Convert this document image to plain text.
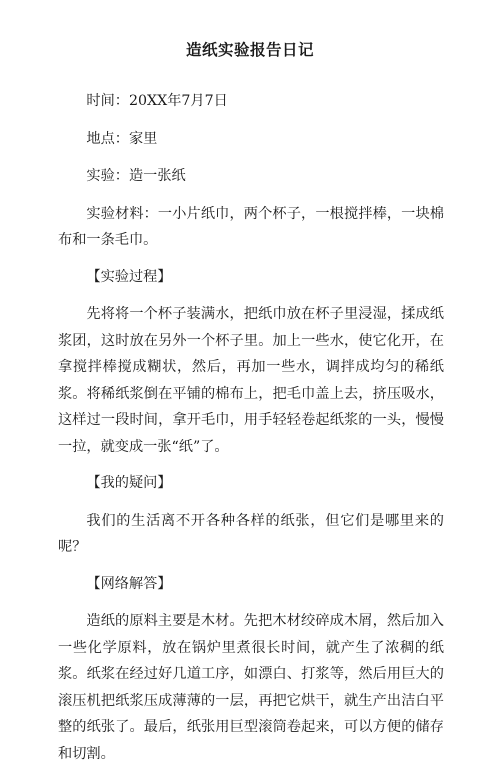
造纸实验报告日记

时间：20XX年7月7日

地点：家里

实验：造一张纸

实验材料：一小片纸巾，两个杯子，一根搅拌棒，一块棉布和一条毛巾。

【实验过程】

先将将一个杯子装满水，把纸巾放在杯子里浸湿，揉成纸浆团，这时放在另外一个杯子里。加上一些水，使它化开，在拿搅拌棒搅成糊状，然后，再加一些水，调拌成均匀的稀纸浆。将稀纸浆倒在平铺的棉布上，把毛巾盖上去，挤压吸水，这样过一段时间，拿开毛巾，用手轻轻卷起纸浆的一头，慢慢一拉，就变成一张“纸”了。

【我的疑问】

我们的生活离不开各种各样的纸张，但它们是哪里来的呢？

【网络解答】

造纸的原料主要是木材。先把木材绞碎成木屑，然后加入一些化学原料，放在锅炉里煮很长时间，就产生了浓稠的纸浆。纸浆在经过好几道工序，如漂白、打浆等，然后用巨大的滚压机把纸浆压成薄薄的一层，再把它烘干，就生产出洁白平整的纸张了。最后，纸张用巨型滚筒卷起来，可以方便的储存和切割。
